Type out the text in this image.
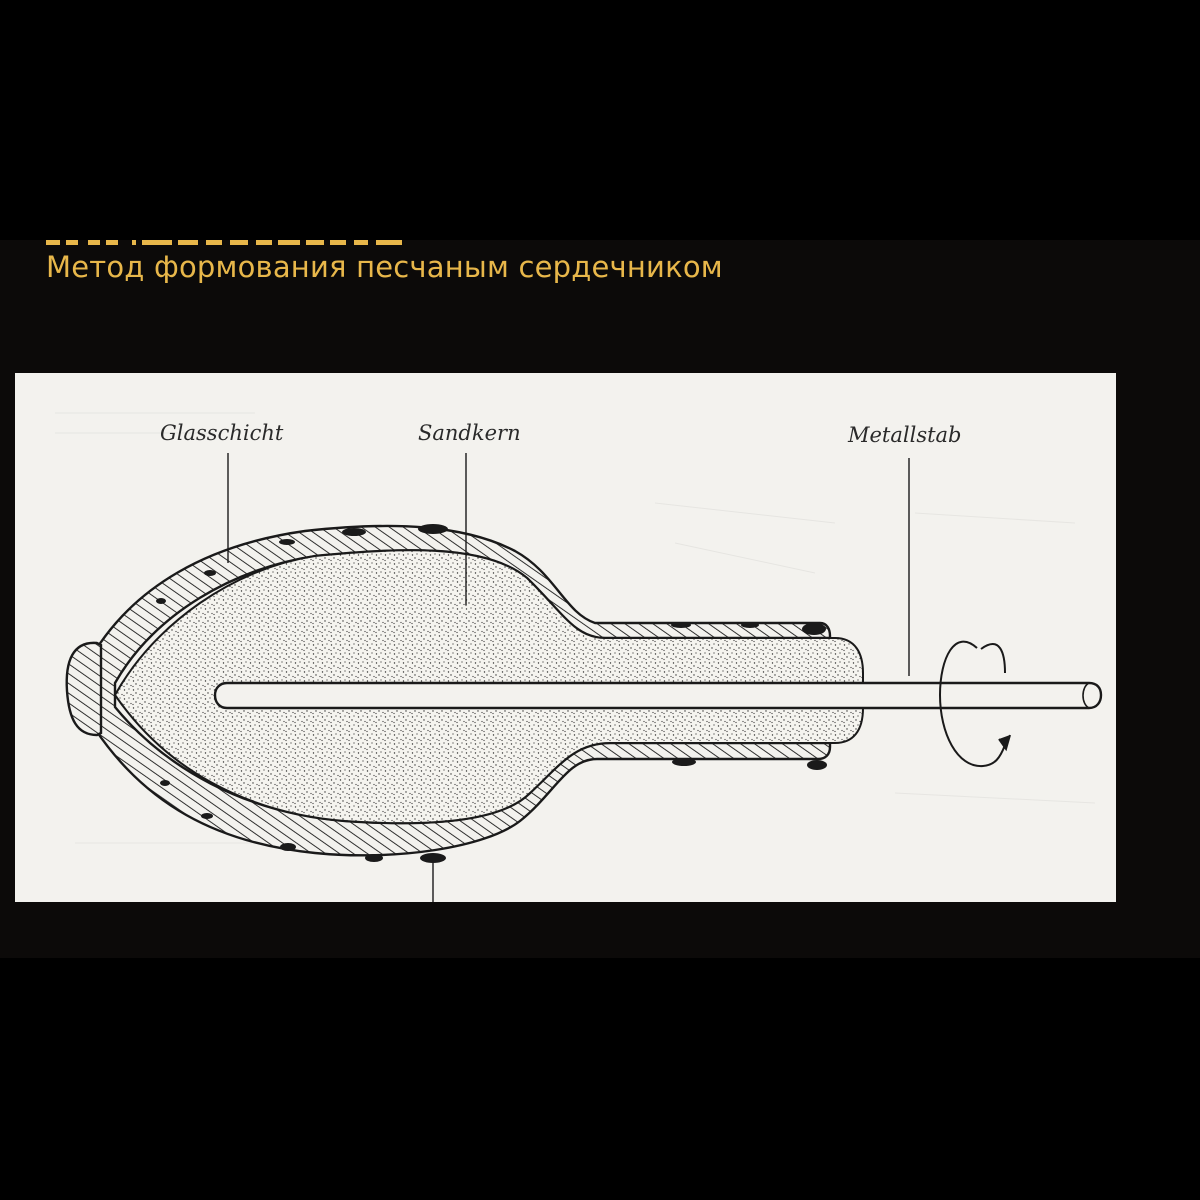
Метод формования песчаным сердечником
Glasschicht	Sandkern	Metallstab
